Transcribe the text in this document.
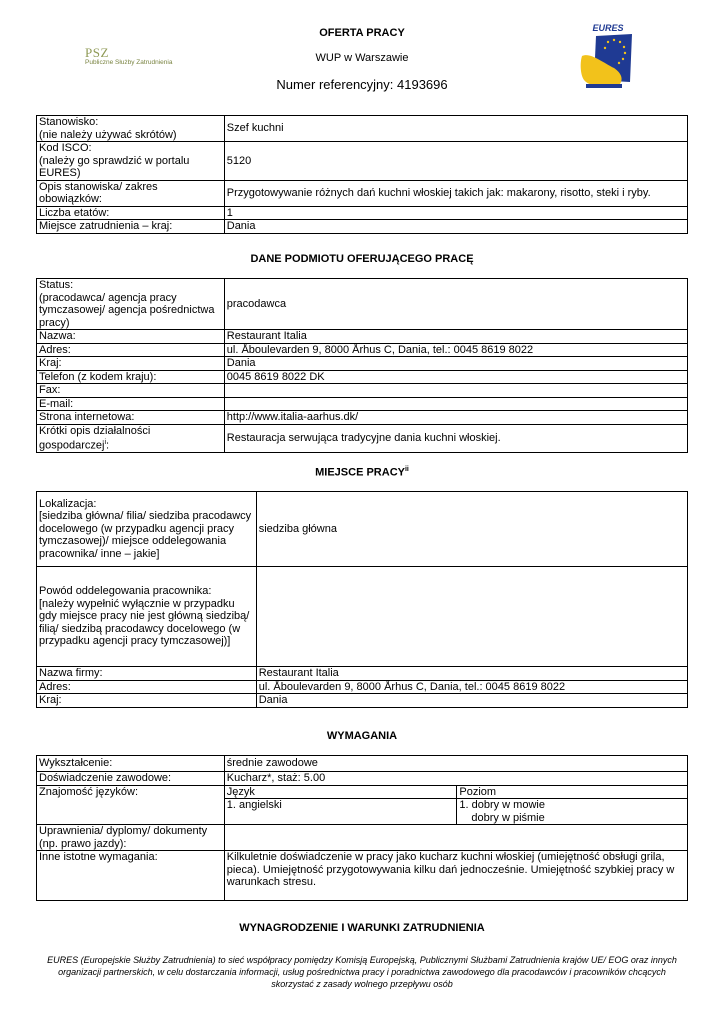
PSZ
Publiczne Służby Zatrudnienia
OFERTA PRACY
WUP w Warszawie
Numer referencyjny: 4193696
EURES
Stanowisko:
(nie należy używać skrótów)	Szef kuchni
Kod ISCO:
(należy go sprawdzić w portalu EURES)	5120
Opis stanowiska/ zakres obowiązków:	Przygotowywanie różnych dań kuchni włoskiej takich jak: makarony, risotto, steki i ryby.
Liczba etatów:	1
Miejsce zatrudnienia – kraj:	Dania
DANE PODMIOTU OFERUJĄCEGO PRACĘ
Status:
(pracodawca/ agencja pracy tymczasowej/ agencja pośrednictwa pracy)	pracodawca
Nazwa:	Restaurant Italia
Adres:	ul. Åboulevarden 9, 8000 Århus C, Dania, tel.: 0045 8619 8022
Kraj:	Dania
Telefon (z kodem kraju):	0045 8619 8022 DK
Fax:	
E-mail:	
Strona internetowa:	http://www.italia-aarhus.dk/
Krótki opis działalności gospodarczej$^i$:	Restauracja serwująca tradycyjne dania kuchni włoskiej.
MIEJSCE PRACY$^{ii}$
Lokalizacja:
[siedziba główna/ filia/ siedziba pracodawcy docelowego (w przypadku agencji pracy tymczasowej)/ miejsce oddelegowania pracownika/ inne – jakie]	siedziba główna
Powód oddelegowania pracownika:
[należy wypełnić wyłącznie w przypadku gdy miejsce pracy nie jest główną siedzibą/ filią/ siedzibą pracodawcy docelowego (w przypadku agencji pracy tymczasowej)]	
Nazwa firmy:	Restaurant Italia
Adres:	ul. Åboulevarden 9, 8000 Århus C, Dania, tel.: 0045 8619 8022
Kraj:	Dania
WYMAGANIA
Wykształcenie:	średnie zawodowe	
Doświadczenie zawodowe:	Kucharz*, staż: 5.00	
Znajomość języków:	Język	Poziom
	1. angielski	1. dobry w mowie
dobry w piśmie

Uprawnienia/ dyplomy/ dokumenty (np. prawo jazdy):		
Inne istotne wymagania:	Kilkuletnie doświadczenie w pracy jako kucharz kuchni włoskiej (umiejętność obsługi grila, pieca). Umiejętność przygotowywania kilku dań jednocześnie. Umiejętność szybkiej pracy w warunkach stresu.	
WYNAGRODZENIE I WARUNKI ZATRUDNIENIA
EURES (Europejskie Służby Zatrudnienia) to sieć współpracy pomiędzy Komisją Europejską, Publicznymi Służbami Zatrudnienia krajów UE/ EOG oraz innych organizacji partnerskich, w celu dostarczania informacji, usług pośrednictwa pracy i poradnictwa zawodowego dla pracodawców i pracowników chcących skorzystać z zasady wolnego przepływu osób
